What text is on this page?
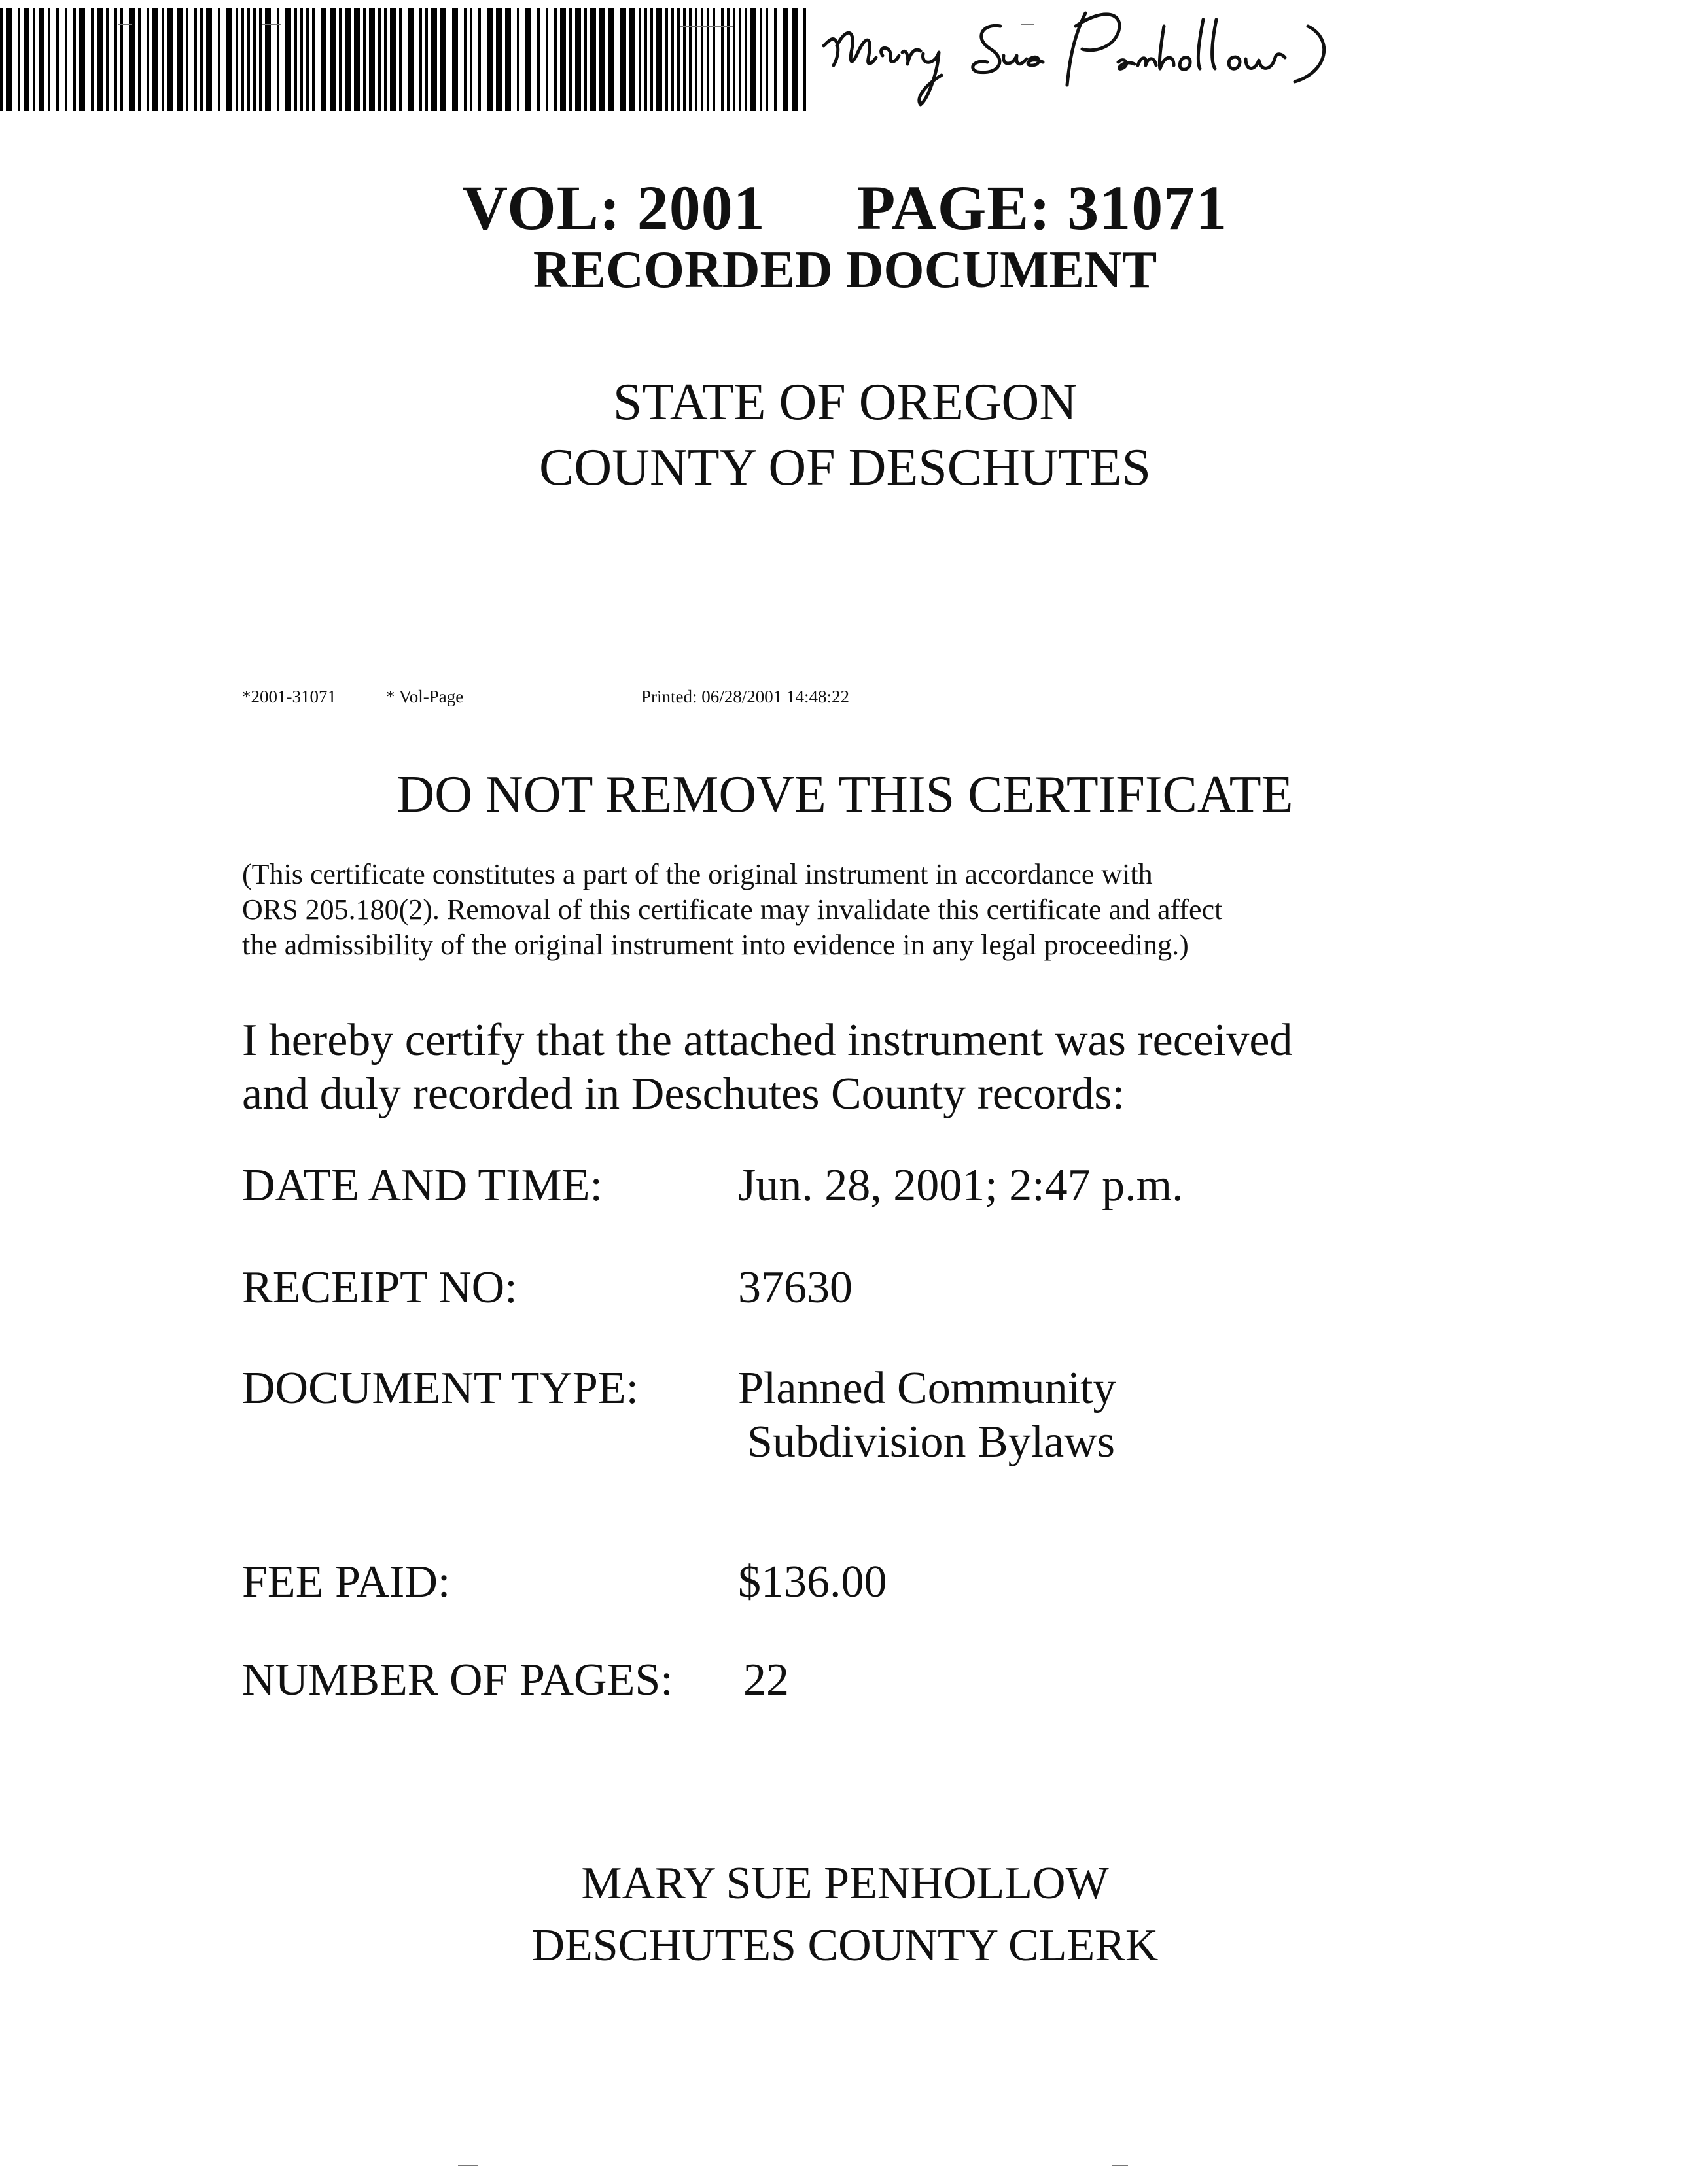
VOL: 2001 PAGE: 31071
RECORDED DOCUMENT
STATE OF OREGON
COUNTY OF DESCHUTES

*2001-31071	* Vol-Page	Printed: 06/28/2001 14:48:22
DO NOT REMOVE THIS CERTIFICATE
(This certificate constitutes a part of the original instrument in accordance with
ORS 205.180(2). Removal of this certificate may invalidate this certificate and affect
the admissibility of the original instrument into evidence in any legal proceeding.)
I hereby certify that the attached instrument was received
and duly recorded in Deschutes County records:
DATE AND TIME:	Jun. 28, 2001; 2:47 p.m.
RECEIPT NO:	37630
DOCUMENT TYPE: Planned Community
Subdivision Bylaws
FEE PAID:	$136.00
NUMBER OF PAGES: 22
MARY SUE PENHOLLOW
DESCHUTES COUNTY CLERK
